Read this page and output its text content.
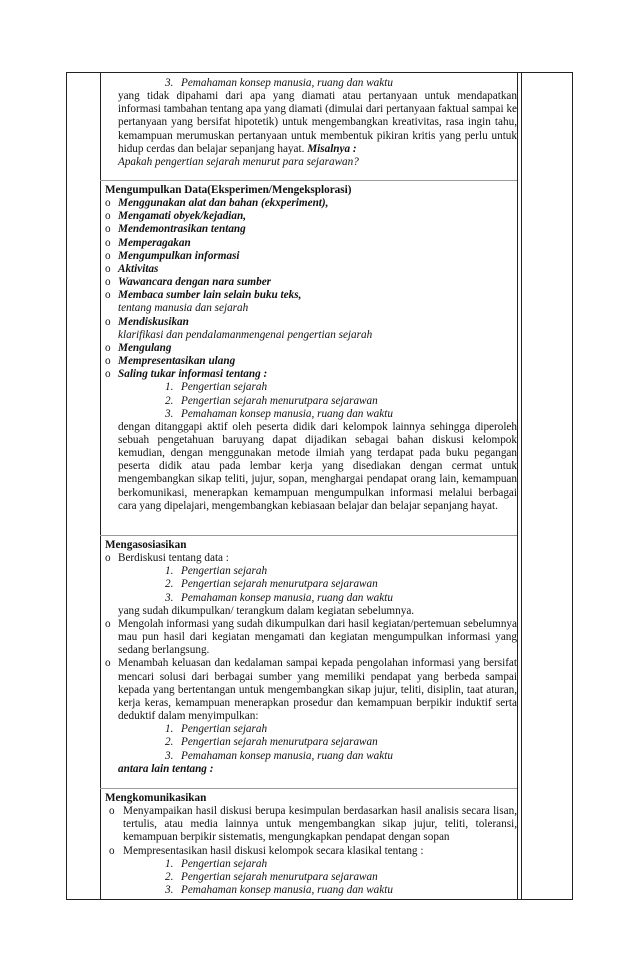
3. Pemahaman konsep manusia, ruang dan waktu

yang tidak dipahami dari apa yang diamati atau pertanyaan untuk mendapatkan informasi tambahan tentang apa yang diamati (dimulai dari pertanyaan faktual sampai ke pertanyaan yang bersifat hipotetik) untuk mengembangkan kreativitas, rasa ingin tahu, kemampuan merumuskan pertanyaan untuk membentuk pikiran kritis yang perlu untuk hidup cerdas dan belajar sepanjang hayat. Misalnya :

Apakah pengertian sejarah menurut para sejarawan?

Mengumpulkan Data(Eksperimen/Mengeksplorasi)

o Menggunakan alat dan bahan (ekxperiment),

o Mengamati obyek/kejadian,

o Mendemontrasikan tentang

o Memperagakan

o Mengumpulkan informasi

o Aktivitas

o Wawancara dengan nara sumber

o Membaca sumber lain selain buku teks,

tentang manusia dan sejarah

o Mendiskusikan

klarifikasi dan pendalamanmengenai pengertian sejarah

o Mengulang

o Mempresentasikan ulang

o Saling tukar informasi tentang :

1. Pengertian sejarah

2. Pengertian sejarah menurutpara sejarawan

3. Pemahaman konsep manusia, ruang dan waktu

dengan ditanggapi aktif oleh peserta didik dari kelompok lainnya sehingga diperoleh sebuah pengetahuan baruyang dapat dijadikan sebagai bahan diskusi kelompok kemudian, dengan menggunakan metode ilmiah yang terdapat pada buku pegangan peserta didik atau pada lembar kerja yang disediakan dengan cermat untuk mengembangkan sikap teliti, jujur, sopan, menghargai pendapat orang lain, kemampuan berkomunikasi, menerapkan kemampuan mengumpulkan informasi melalui berbagai cara yang dipelajari, mengembangkan kebiasaan belajar dan belajar sepanjang hayat.

Mengasosiasikan

o Berdiskusi tentang data :

1. Pengertian sejarah

2. Pengertian sejarah menurutpara sejarawan

3. Pemahaman konsep manusia, ruang dan waktu

yang sudah dikumpulkan/ terangkum dalam kegiatan sebelumnya.

o Mengolah informasi yang sudah dikumpulkan dari hasil kegiatan/pertemuan sebelumnya mau pun hasil dari kegiatan mengamati dan kegiatan mengumpulkan informasi yang sedang berlangsung.

o Menambah keluasan dan kedalaman sampai kepada pengolahan informasi yang bersifat mencari solusi dari berbagai sumber yang memiliki pendapat yang berbeda sampai kepada yang bertentangan untuk mengembangkan sikap jujur, teliti, disiplin, taat aturan, kerja keras, kemampuan menerapkan prosedur dan kemampuan berpikir induktif serta deduktif dalam menyimpulkan:

1. Pengertian sejarah

2. Pengertian sejarah menurutpara sejarawan

3. Pemahaman konsep manusia, ruang dan waktu

antara lain tentang :

Mengkomunikasikan

o Menyampaikan hasil diskusi berupa kesimpulan berdasarkan hasil analisis secara lisan, tertulis, atau media lainnya untuk mengembangkan sikap jujur, teliti, toleransi, kemampuan berpikir sistematis, mengungkapkan pendapat dengan sopan

o Mempresentasikan hasil diskusi kelompok secara klasikal tentang :

1. Pengertian sejarah

2. Pengertian sejarah menurutpara sejarawan

3. Pemahaman konsep manusia, ruang dan waktu
